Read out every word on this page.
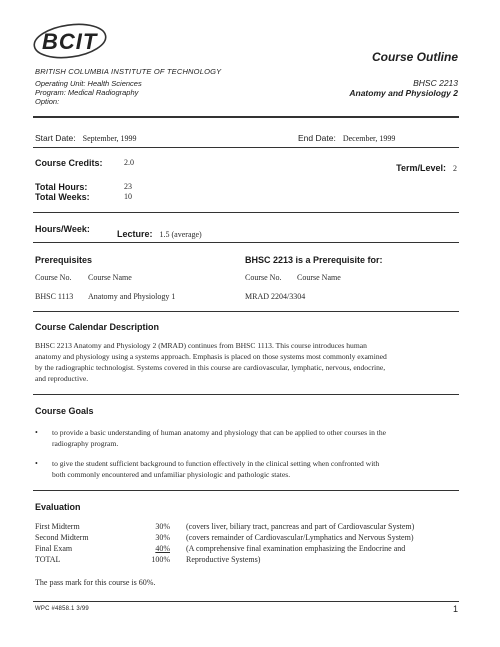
BCIT
BRITISH COLUMBIA INSTITUTE OF TECHNOLOGY
Operating Unit: Health Sciences
Program: Medical Radiography
Option:
Course Outline
BHSC 2213
Anatomy and Physiology 2
Start Date: September, 1999	End Date: December, 1999
Course Credits:	2.0
Term/Level: 2
Total Hours:	23
Total Weeks:	10
Hours/Week:	Lecture: 1.5 (average)
Prerequisites	BHSC 2213 is a Prerequisite for:
Course No. Course Name	Course No. Course Name
BHSC 1113 Anatomy and Physiology 1	MRAD 2204/3304
Course Calendar Description
BHSC 2213 Anatomy and Physiology 2 (MRAD) continues from BHSC 1113. This course introduces human
anatomy and physiology using a systems approach. Emphasis is placed on those systems most commonly examined
by the radiographic technologist. Systems covered in this course are cardiovascular, lymphatic, nervous, endocrine,
and reproductive.
Course Goals
• to provide a basic understanding of human anatomy and physiology that can be applied to other courses in the
radiography program.
• to give the student sufficient background to function effectively in the clinical setting when confronted with
both commonly encountered and unfamiliar physiologic and pathologic states.
Evaluation
First Midterm	30% (covers liver, biliary tract, pancreas and part of Cardiovascular System)
Second Midterm	30% (covers remainder of Cardiovascular/Lymphatics and Nervous System)
Final Exam	40% (A comprehensive final examination emphasizing the Endocrine and
TOTAL	100% Reproductive Systems)
The pass mark for this course is 60%.
WPC #4858.1 3/99	1
